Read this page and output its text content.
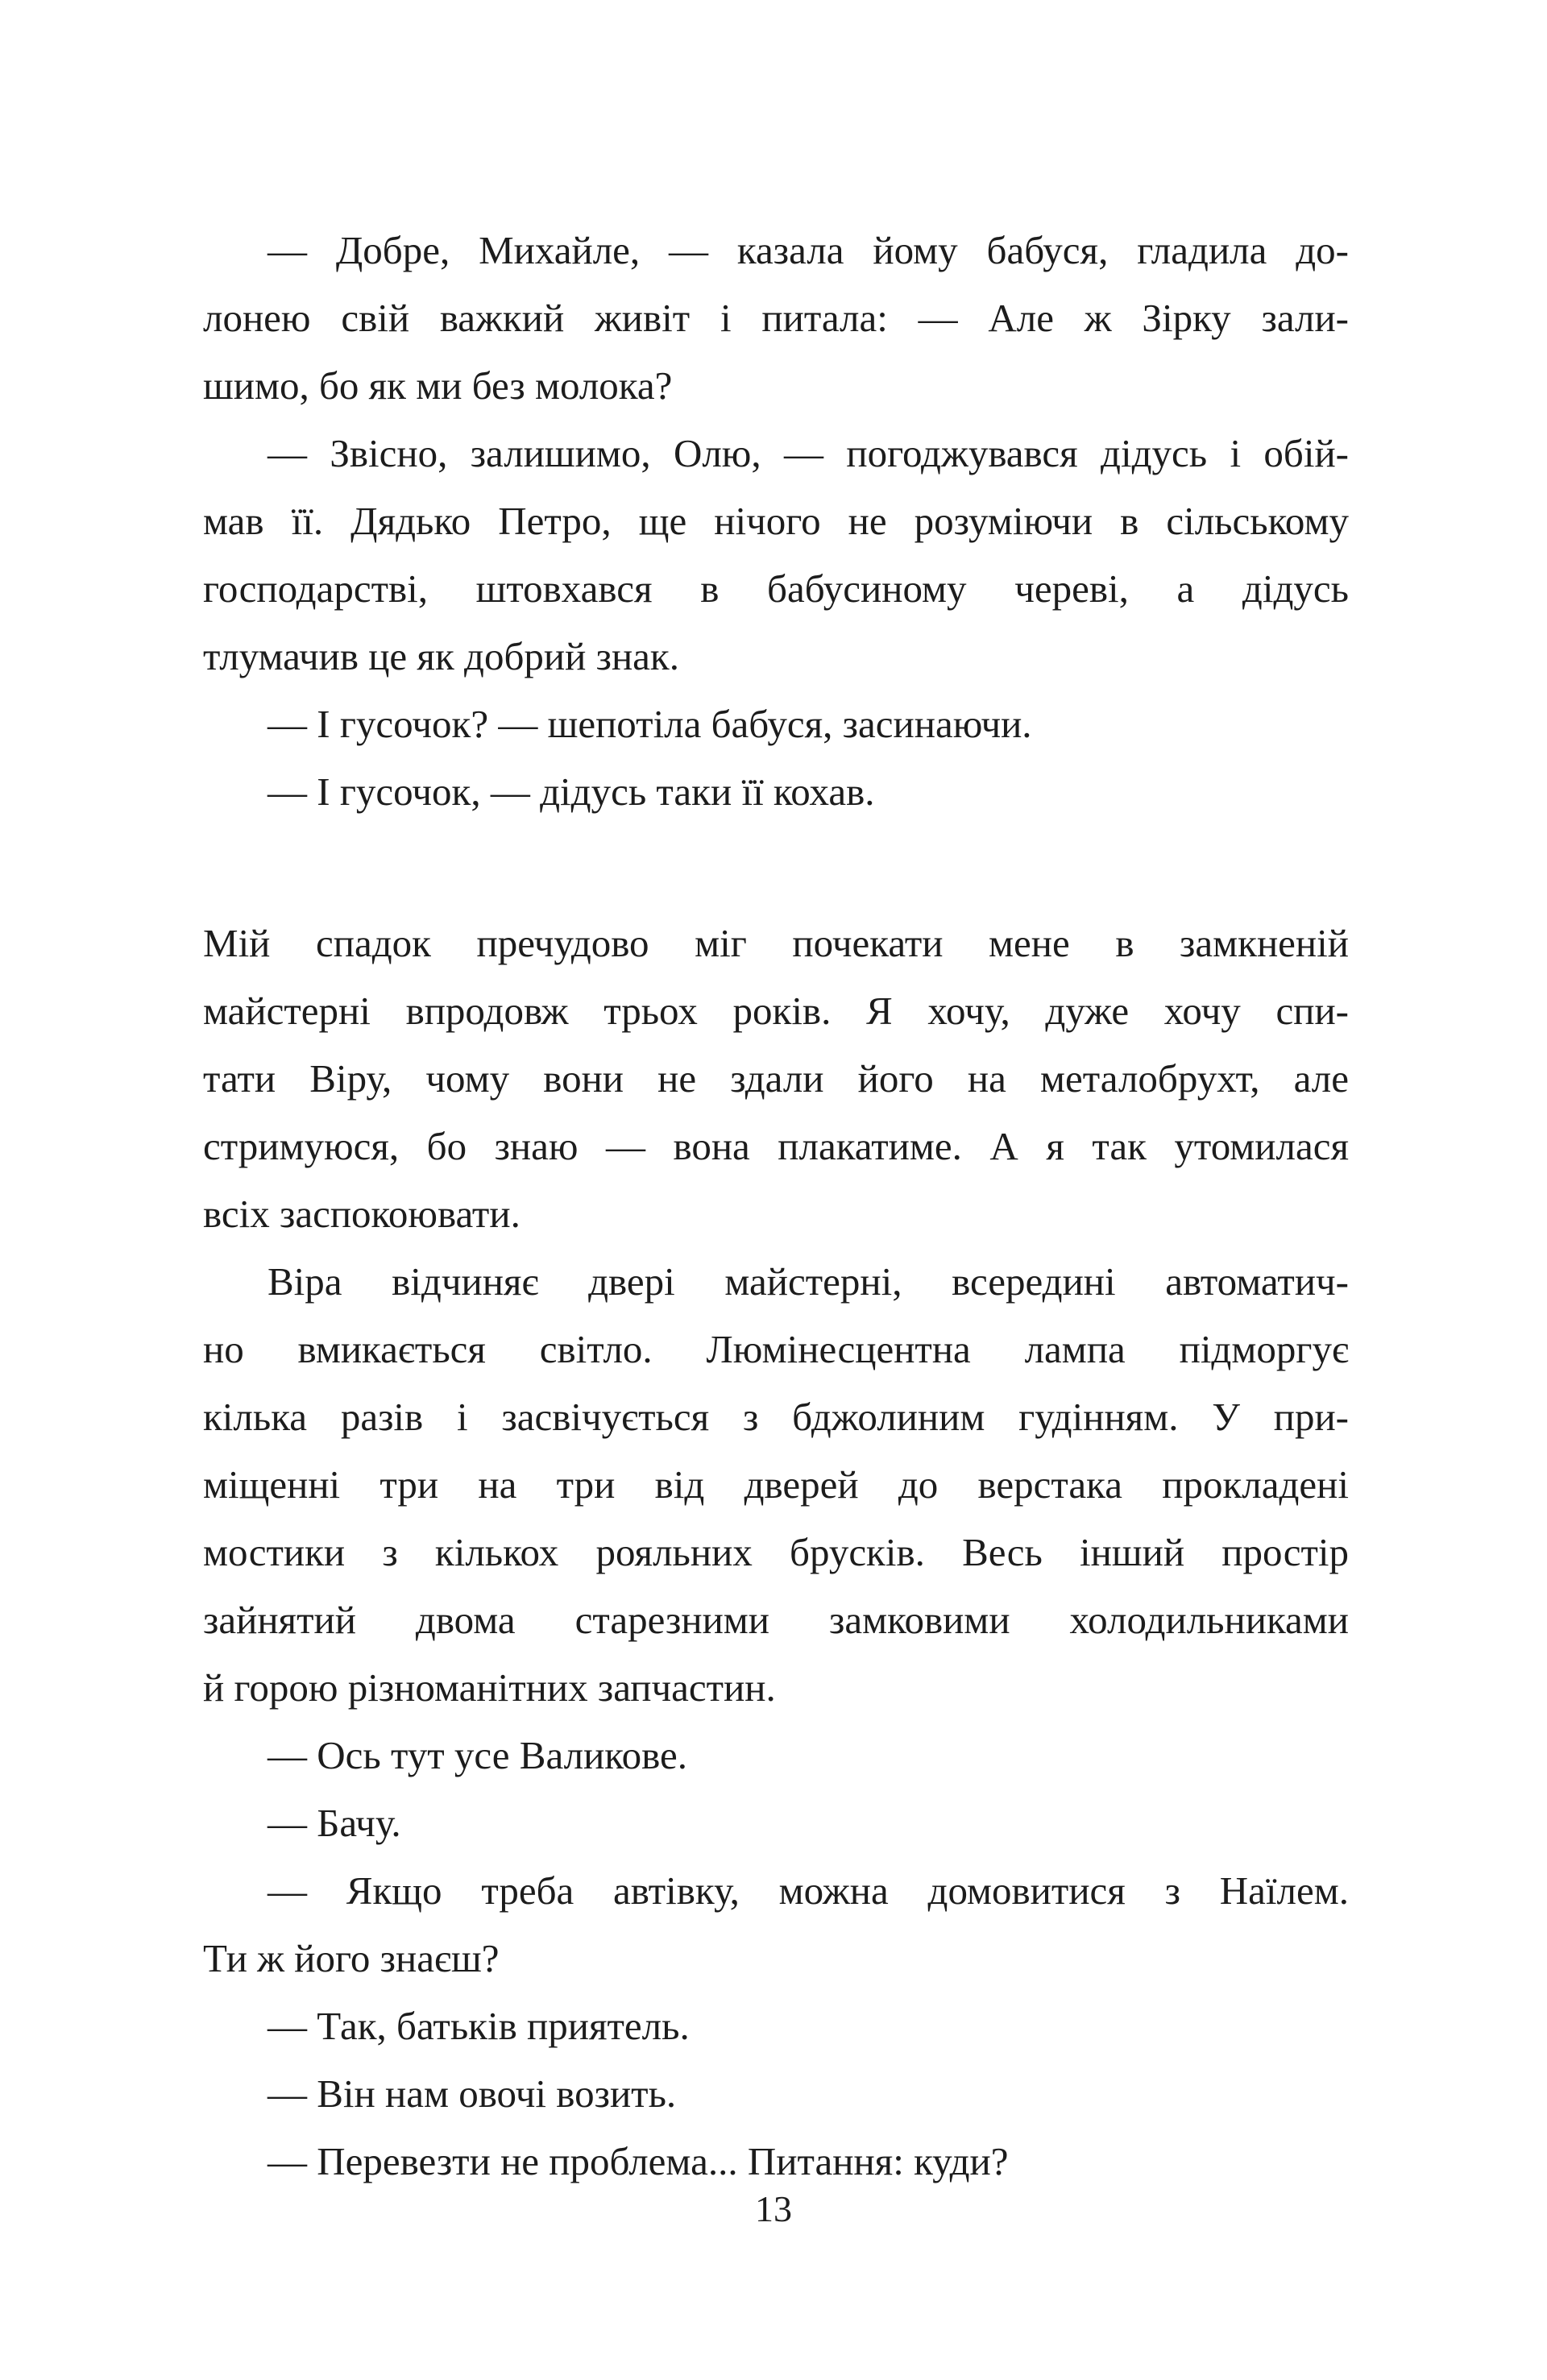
— Добре, Михайле, — казала йому бабуся, гладила до-
лонею свій важкий живіт і питала: — Але ж Зірку зали-
шимо, бо як ми без молока?
— Звісно, залишимо, Олю, — погоджувався дідусь і обій-
мав її. Дядько Петро, ще нічого не розуміючи в сільському
господарстві, штовхався в бабусиному череві, а дідусь
тлумачив це як добрий знак.
— І гусочок? — шепотіла бабуся, засинаючи.
— І гусочок, — дідусь таки її кохав.
Мій спадок пречудово міг почекати мене в замкненій
майстерні впродовж трьох років. Я хочу, дуже хочу спи-
тати Віру, чому вони не здали його на металобрухт, але
стримуюся, бо знаю — вона плакатиме. А я так утомилася
всіх заспокоювати.
Віра відчиняє двері майстерні, всередині автоматич-
но вмикається світло. Люмінесцентна лампа підморгує
кілька разів і засвічується з бджолиним гудінням. У при-
міщенні три на три від дверей до верстака прокладені
мостики з кількох рояльних брусків. Весь інший простір
зайнятий двома старезними замковими холодильниками
й горою різноманітних запчастин.
— Ось тут усе Валикове.
— Бачу.
— Якщо треба автівку, можна домовитися з Наїлем.
Ти ж його знаєш?
— Так, батьків приятель.
— Він нам овочі возить.
— Перевезти не проблема... Питання: куди?
13
